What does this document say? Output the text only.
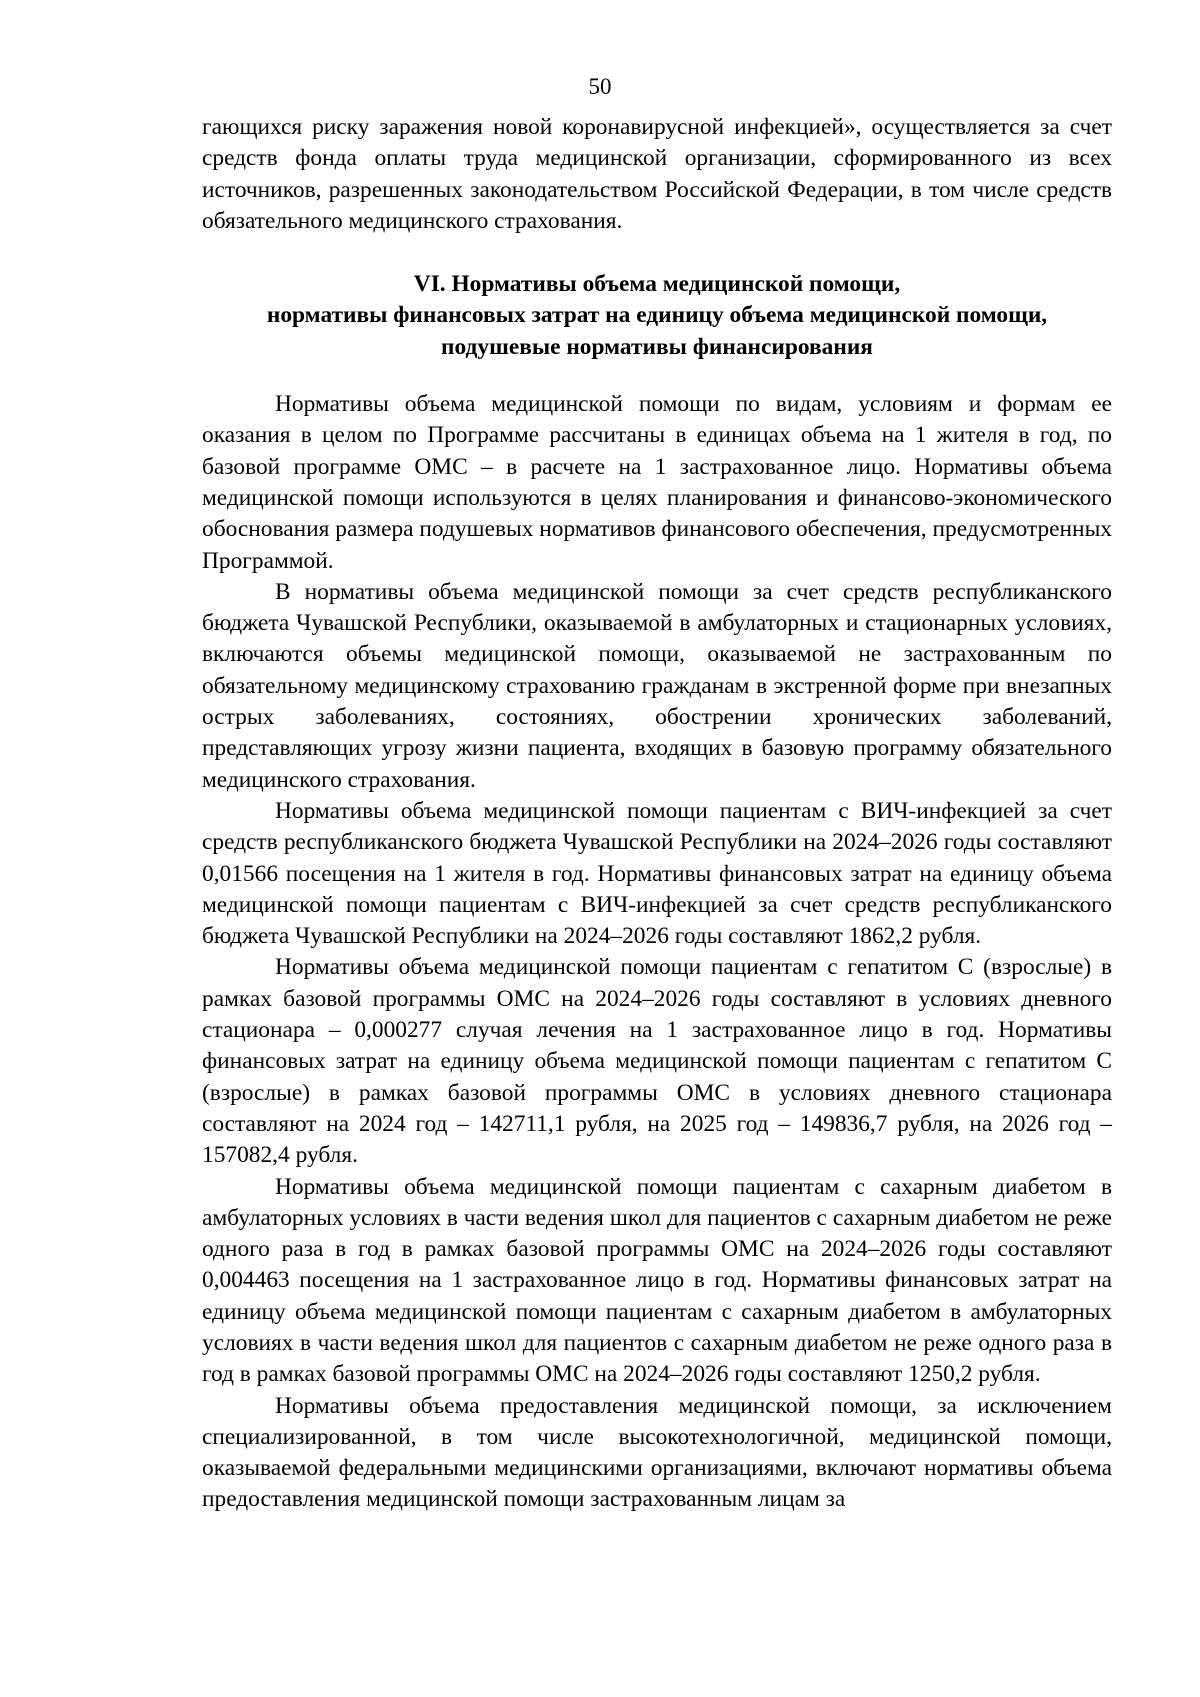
50

гающихся риску заражения новой коронавирусной инфекцией», осуществляется за счет средств фонда оплаты труда медицинской организации, сформированного из всех источников, разрешенных законодательством Российской Федерации, в том числе средств обязательного медицинского страхования.

VI. Нормативы объема медицинской помощи,
нормативы финансовых затрат на единицу объема медицинской помощи,
подушевые нормативы финансирования

Нормативы объема медицинской помощи по видам, условиям и формам ее оказания в целом по Программе рассчитаны в единицах объема на 1 жителя в год, по базовой программе ОМС – в расчете на 1 застрахованное лицо. Нормативы объема медицинской помощи используются в целях планирования и финансово-экономического обоснования размера подушевых нормативов финансового обеспечения, предусмотренных Программой.

В нормативы объема медицинской помощи за счет средств республиканского бюджета Чувашской Республики, оказываемой в амбулаторных и стационарных условиях, включаются объемы медицинской помощи, оказываемой не застрахованным по обязательному медицинскому страхованию гражданам в экстренной форме при внезапных острых заболеваниях, состояниях, обострении хронических заболеваний, представляющих угрозу жизни пациента, входящих в базовую программу обязательного медицинского страхования.

Нормативы объема медицинской помощи пациентам с ВИЧ-инфекцией за счет средств республиканского бюджета Чувашской Республики на 2024–2026 годы составляют 0,01566 посещения на 1 жителя в год. Нормативы финансовых затрат на единицу объема медицинской помощи пациентам с ВИЧ-инфекцией за счет средств республиканского бюджета Чувашской Республики на 2024–2026 годы составляют 1862,2 рубля.

Нормативы объема медицинской помощи пациентам с гепатитом С (взрослые) в рамках базовой программы ОМС на 2024–2026 годы составляют в условиях дневного стационара – 0,000277 случая лечения на 1 застрахованное лицо в год. Нормативы финансовых затрат на единицу объема медицинской помощи пациентам с гепатитом С (взрослые) в рамках базовой программы ОМС в условиях дневного стационара составляют на 2024 год – 142711,1 рубля, на 2025 год – 149836,7 рубля, на 2026 год – 157082,4 рубля.

Нормативы объема медицинской помощи пациентам с сахарным диабетом в амбулаторных условиях в части ведения школ для пациентов с сахарным диабетом не реже одного раза в год в рамках базовой программы ОМС на 2024–2026 годы составляют 0,004463 посещения на 1 застрахованное лицо в год. Нормативы финансовых затрат на единицу объема медицинской помощи пациентам с сахарным диабетом в амбулаторных условиях в части ведения школ для пациентов с сахарным диабетом не реже одного раза в год в рамках базовой программы ОМС на 2024–2026 годы составляют 1250,2 рубля.

Нормативы объема предоставления медицинской помощи, за исключением специализированной, в том числе высокотехнологичной, медицинской помощи, оказываемой федеральными медицинскими организациями, включают нормативы объема предоставления медицинской помощи застрахованным лицам за
